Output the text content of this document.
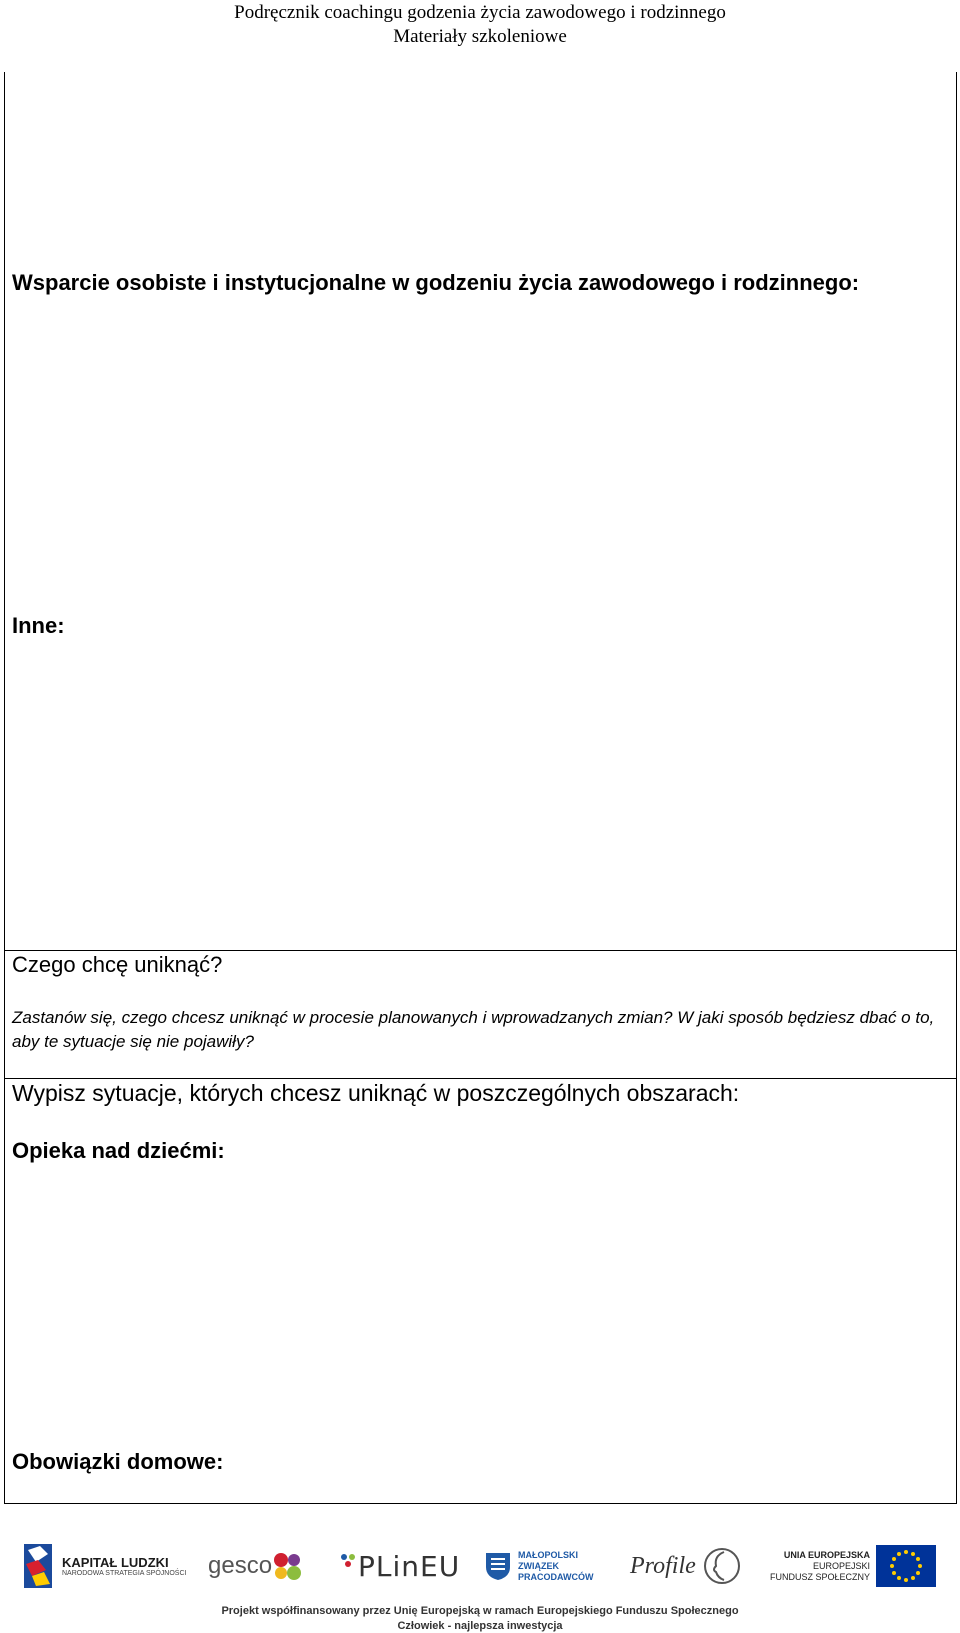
Podręcznik coachingu godzenia życia zawodowego i rodzinnego
Materiały szkoleniowe
Wsparcie osobiste i instytucjonalne w godzeniu życia zawodowego i rodzinnego:
Inne:
Czego chcę uniknąć?
Zastanów się, czego chcesz uniknąć w procesie planowanych i wprowadzanych zmian? W jaki sposób będziesz dbać o to, aby te sytuacje się nie pojawiły?
Wypisz sytuacje, których chcesz uniknąć w poszczególnych obszarach:
Opieka nad dziećmi:
Obowiązki domowe:
KAPITAŁ LUDZKI
NARODOWA STRATEGIA SPÓJNOŚCI gesco	PLinEU	MAŁOPOLSKI
ZWIĄZEK
PRACODAWCÓW Profile	UNIA EUROPEJSKA
EUROPEJSKI
FUNDUSZ SPOŁECZNY
Projekt współfinansowany przez Unię Europejską w ramach Europejskiego Funduszu Społecznego
Człowiek - najlepsza inwestycja
